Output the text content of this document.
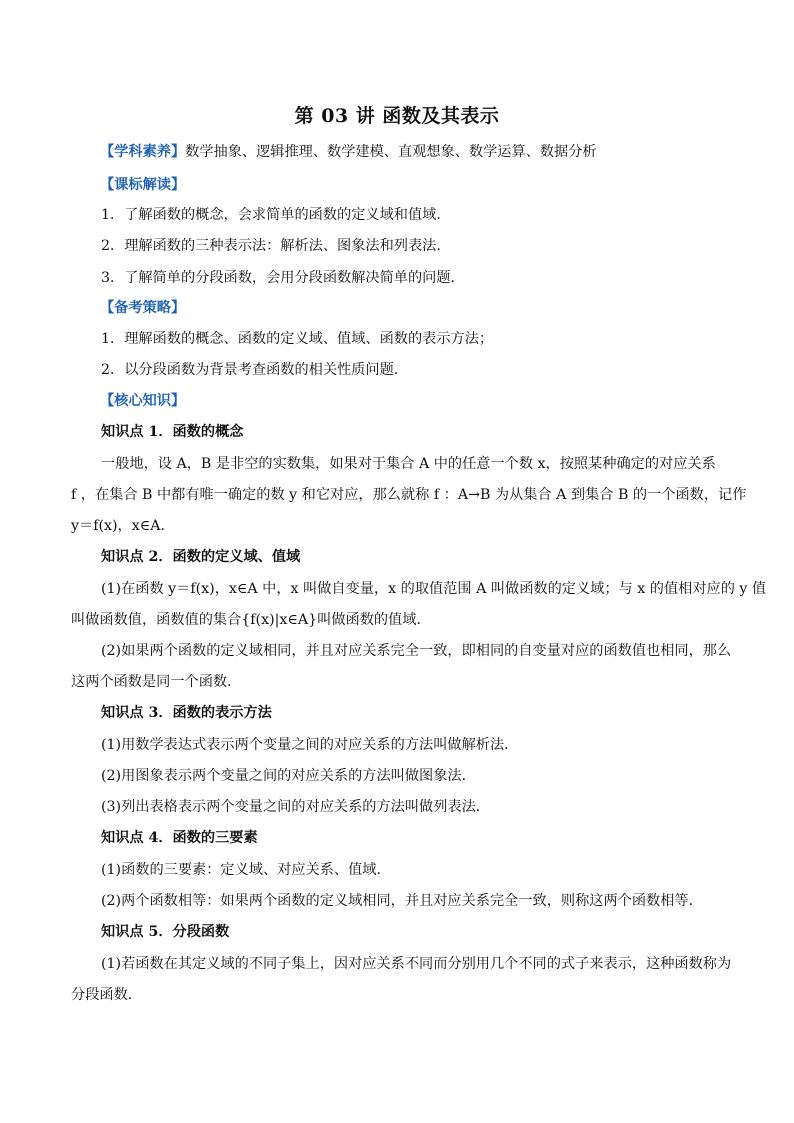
第 03 讲 函数及其表示
【学科素养】数学抽象、逻辑推理、数学建模、直观想象、数学运算、数据分析
【课标解读】
1．了解函数的概念，会求简单的函数的定义域和值域.
2．理解函数的三种表示法：解析法、图象法和列表法.
3．了解简单的分段函数，会用分段函数解决简单的问题.
【备考策略】
1．理解函数的概念、函数的定义域、值域、函数的表示方法；
2．以分段函数为背景考查函数的相关性质问题.
【核心知识】
知识点 1．函数的概念
一般地，设 A，B 是非空的实数集，如果对于集合 A 中的任意一个数 x，按照某种确定的对应关系
f ，在集合 B 中都有唯一确定的数 y 和它对应，那么就称 f ：A→B 为从集合 A 到集合 B 的一个函数，记作
y＝f(x)，x∈A.
知识点 2．函数的定义域、值域
(1)在函数 y＝f(x)，x∈A 中，x 叫做自变量，x 的取值范围 A 叫做函数的定义域；与 x 的值相对应的 y 值
叫做函数值，函数值的集合{f(x)|x∈A}叫做函数的值域．
(2)如果两个函数的定义域相同，并且对应关系完全一致，即相同的自变量对应的函数值也相同，那么
这两个函数是同一个函数．
知识点 3．函数的表示方法
(1)用数学表达式表示两个变量之间的对应关系的方法叫做解析法．
(2)用图象表示两个变量之间的对应关系的方法叫做图象法．
(3)列出表格表示两个变量之间的对应关系的方法叫做列表法．
知识点 4．函数的三要素
(1)函数的三要素：定义域、对应关系、值域．
(2)两个函数相等：如果两个函数的定义域相同，并且对应关系完全一致，则称这两个函数相等．
知识点 5．分段函数
(1)若函数在其定义域的不同子集上，因对应关系不同而分别用几个不同的式子来表示，这种函数称为
分段函数．
